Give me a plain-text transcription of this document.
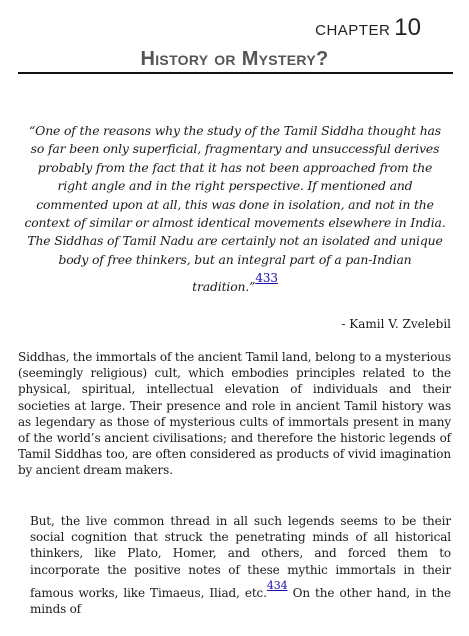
CHAPTER 10
History or Mystery?

“One of the reasons why the study of the Tamil Siddha thought has so far been only superficial, fragmentary and unsuccessful derives probably from the fact that it has not been approached from the right angle and in the right perspective. If mentioned and commented upon at all, this was done in isolation, and not in the context of similar or almost identical movements elsewhere in India. The Siddhas of Tamil Nadu are certainly not an isolated and unique body of free thinkers, but an integral part of a pan-Indian tradition.”$^{433}$

- Kamil V. Zvelebil

Siddhas, the immortals of the ancient Tamil land, belong to a mysterious (seemingly religious) cult, which embodies principles related to the physical, spiritual, intellectual elevation of individuals and their societies at large. Their presence and role in ancient Tamil history was as legendary as those of mysterious cults of immortals present in many of the world’s ancient civilisations; and therefore the historic legends of Tamil Siddhas too, are often considered as products of vivid imagination by ancient dream makers.

But, the live common thread in all such legends seems to be their social cognition that struck the penetrating minds of all historical thinkers, like Plato, Homer, and others, and forced them to incorporate the positive notes of these mythic immortals in their famous works, like Timaeus, Iliad, etc.$^{434}$ On the other hand, in the minds of
